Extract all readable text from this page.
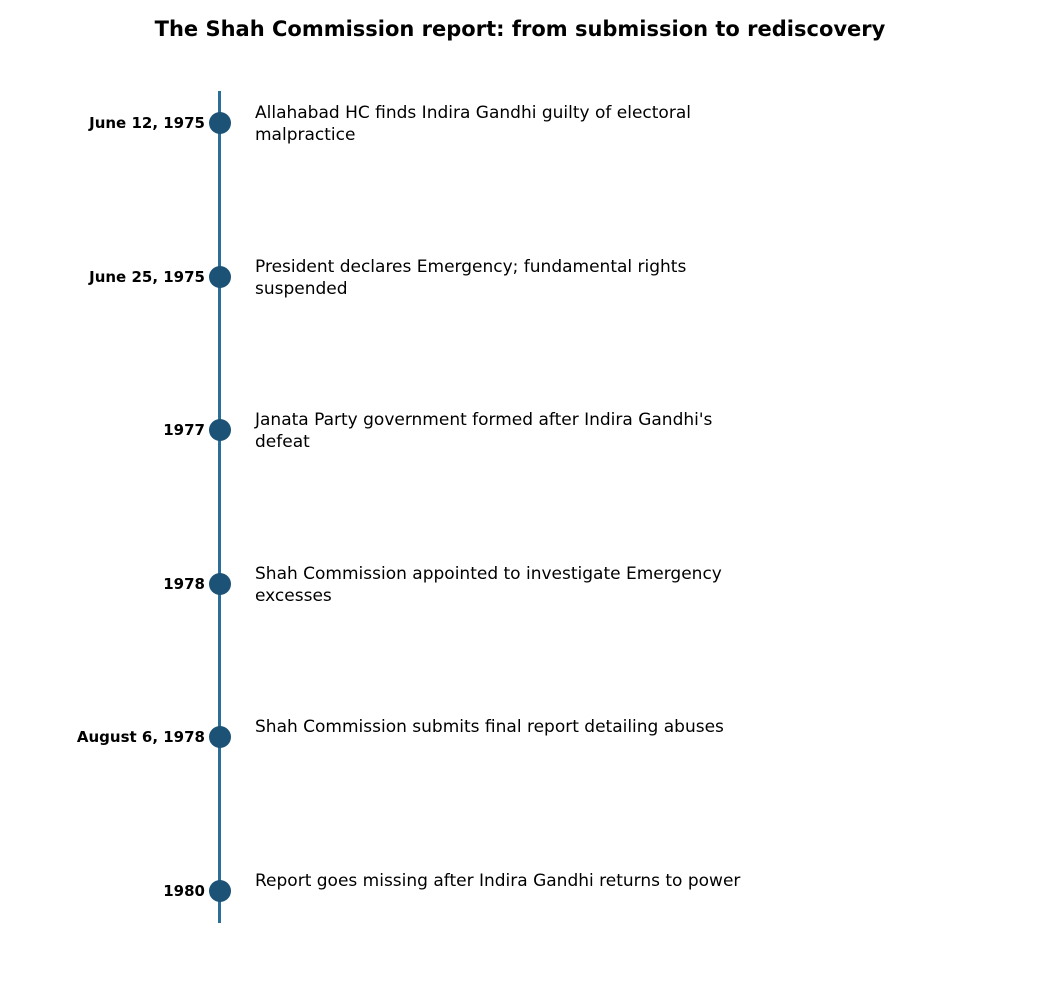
The Shah Commission report: from submission to rediscovery
June 12, 1975	Allahabad HC finds Indira Gandhi guilty of electoral malpractice
June 25, 1975	President declares Emergency; fundamental rights suspended
1977	Janata Party government formed after Indira Gandhi's defeat
1978	Shah Commission appointed to investigate Emergency excesses
August 6, 1978	Shah Commission submits final report detailing abuses
1980	Report goes missing after Indira Gandhi returns to power
